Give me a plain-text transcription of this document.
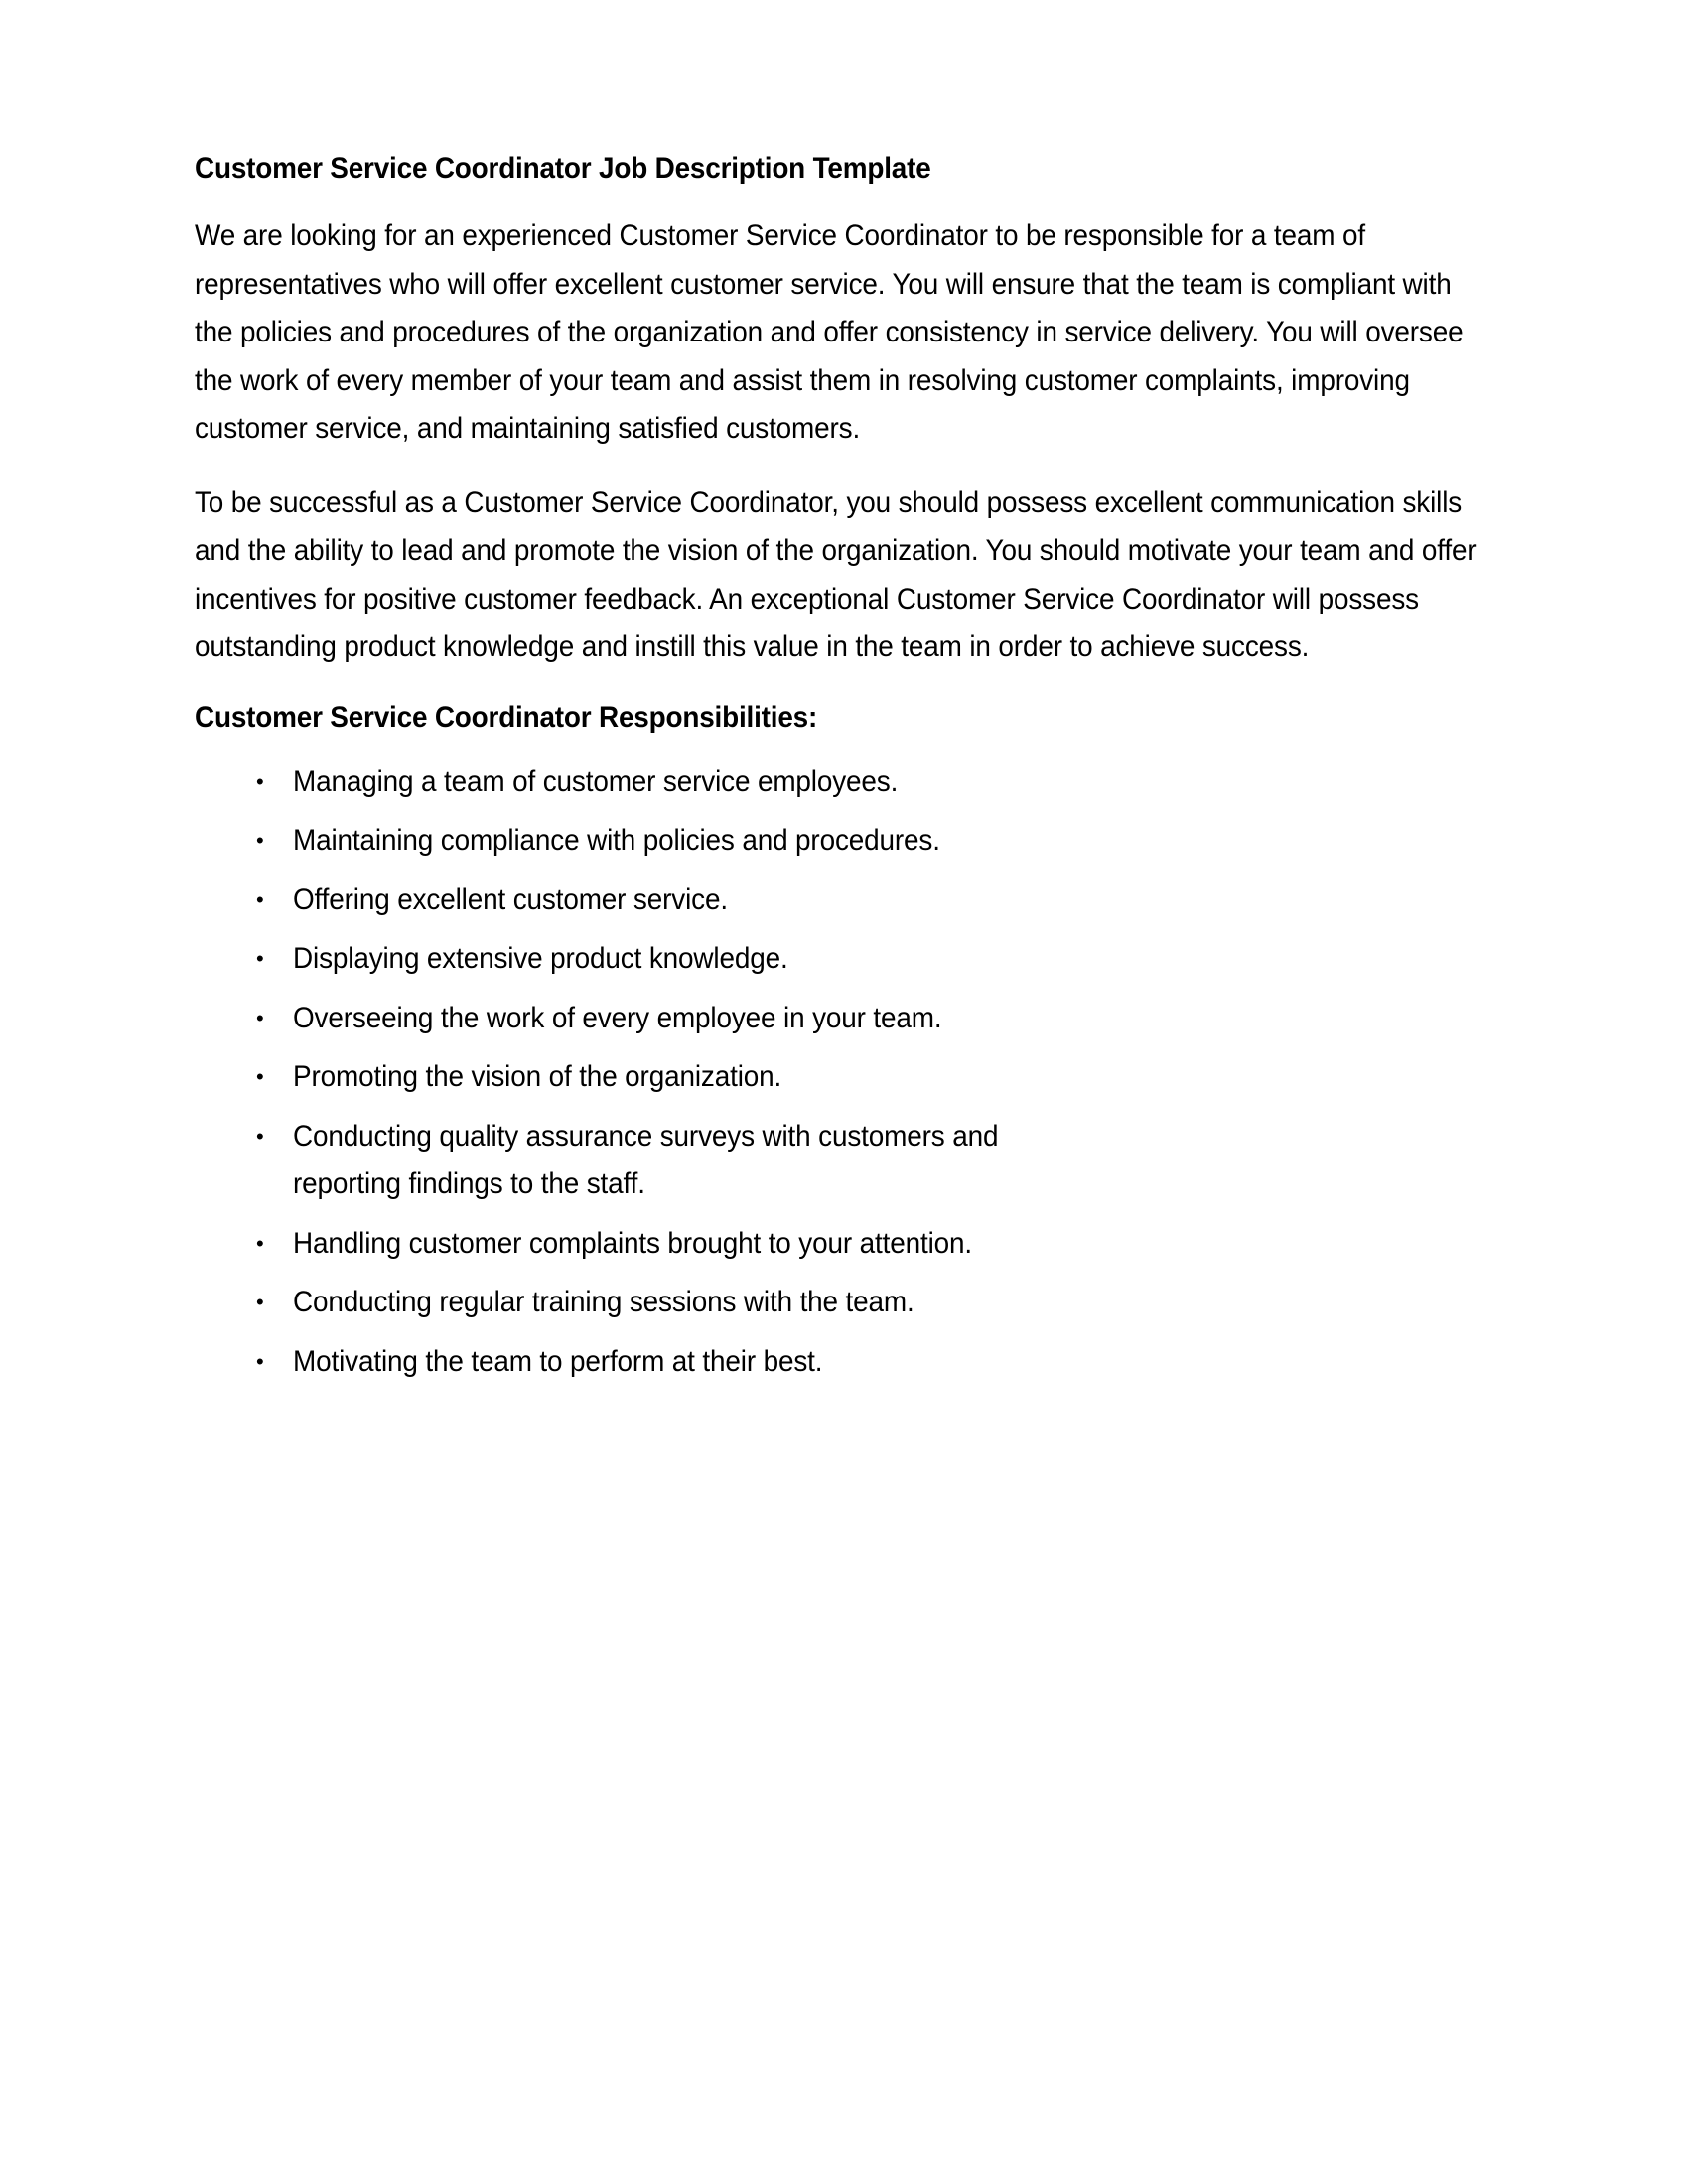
Customer Service Coordinator Job Description Template

We are looking for an experienced Customer Service Coordinator to be responsible for a team of representatives who will offer excellent customer service. You will ensure that the team is compliant with the policies and procedures of the organization and offer consistency in service delivery. You will oversee the work of every member of your team and assist them in resolving customer complaints, improving customer service, and maintaining satisfied customers.

To be successful as a Customer Service Coordinator, you should possess excellent communication skills and the ability to lead and promote the vision of the organization. You should motivate your team and offer incentives for positive customer feedback. An exceptional Customer Service Coordinator will possess outstanding product knowledge and instill this value in the team in order to achieve success.

Customer Service Coordinator Responsibilities:
• Managing a team of customer service employees.
• Maintaining compliance with policies and procedures.
• Offering excellent customer service.
• Displaying extensive product knowledge.
• Overseeing the work of every employee in your team.
• Promoting the vision of the organization.
• Conducting quality assurance surveys with customers and reporting findings to the staff.
• Handling customer complaints brought to your attention.
• Conducting regular training sessions with the team.
• Motivating the team to perform at their best.
